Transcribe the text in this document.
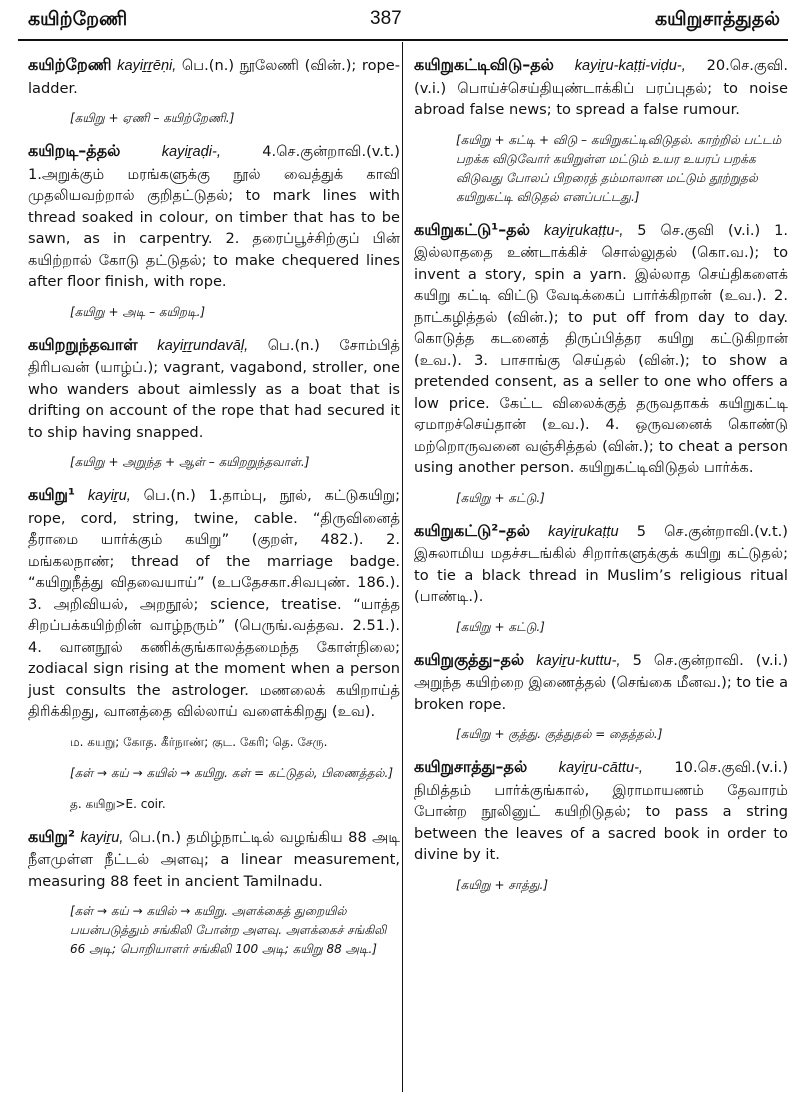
கயிற்றேணி	387	கயிறுசாத்துதல்
கயிற்றேணி kayiṟṟēṇi, பெ.(n.) நூலேணி (வின்.); rope-ladder.
[கயிறு + ஏணி – கயிற்றேணி.]
கயிறடி–த்தல்	kayiṟaḍi-,	4.செ.குன்றாவி.(v.t.) 1.அறுக்கும் மரங்களுக்கு நூல் வைத்துக் காவி முதலியவற்றால் குறிதட்டுதல்; to mark lines with thread soaked in colour, on timber that has to be sawn, as in carpentry. 2. தரைப்பூச்சிற்குப் பின் கயிற்றால் கோடு தட்டுதல்; to make chequered lines after floor finish, with rope.
[கயிறு + அடி – கயிறடி.]
கயிறறுந்தவாள் kayiṟṟundavāḷ, பெ.(n.) சோம்பித் திரிபவன் (யாழ்ப்.); vagrant, vagabond, stroller, one who wanders about aimlessly as a boat that is drifting on account of the rope that had secured it to ship having snapped.
[கயிறு + அறுந்த + ஆள் – கயிறறுந்தவாள்.]
கயிறு¹ kayiṟu, பெ.(n.) 1.தாம்பு, நூல், கட்டுகயிறு; rope, cord, string, twine, cable. “திருவினைத் தீராமை யார்க்கும் கயிறு” (குறள், 482.). 2. மங்கலநாண்; thread of the marriage badge. “கயிறுநீத்து விதவையாய்” (உபதேசகா.சிவபுண். 186.). 3. அறிவியல், அறநூல்; science, treatise. “யாத்த சிறப்பக்கயிற்றின் வாழ்நரும்” (பெருங்.வத்தவ. 2.51.). 4. வானநூல் கணிக்குங்காலத்தமைந்த கோள்நிலை; zodiacal sign rising at the moment when a person just consults the astrologer. மணலைக் கயிறாய்த் திரிக்கிறது, வானத்தை வில்லாய் வளைக்கிறது (உவ).
ம. கயறு; கோத. கீர்நாண்; குட. கேரி; தெ. சேரு.
[கள் → கய் → கயில் → கயிறு. கள் = கட்டுதல், பிணைத்தல்.]
த. கயிறு>E. coir.
கயிறு² kayiṟu, பெ.(n.) தமிழ்நாட்டில் வழங்கிய 88 அடி நீளமுள்ள நீட்டல் அளவு; a linear measurement, measuring 88 feet in ancient Tamilnadu.
[கள் → கய் → கயில் → கயிறு. அளக்கைத் துறையில் பயன்படுத்தும் சங்கிலி போன்ற அளவு. அளக்கைச் சங்கிலி 66 அடி; பொறியாளர் சங்கிலி 100 அடி; கயிறு 88 அடி.]
கயிறுகட்டிவிடு–தல் kayiṟu-kaṭṭi-viḍu-, 20.செ.குவி. (v.i.) பொய்ச்செய்தியுண்டாக்கிப் பரப்புதல்; to noise abroad false news; to spread a false rumour.
[கயிறு + கட்டி + விடு – கயிறுகட்டிவிடுதல். காற்றில் பட்டம் பறக்க விடுவோர் கயிறுள்ள மட்டும் உயர உயரப் பறக்க விடுவது போலப் பிறரைத் தம்மாலான மட்டும் தூற்றுதல் கயிறுகட்டி விடுதல் எனப்பட்டது.]
கயிறுகட்டு¹–தல் kayiṟukaṭṭu-, 5 செ.குவி (v.i.) 1. இல்லாததை உண்டாக்கிச் சொல்லுதல் (கொ.வ.); to invent a story, spin a yarn. இல்லாத செய்திகளைக் கயிறு கட்டி விட்டு வேடிக்கைப் பார்க்கிறான் (உவ.). 2. நாட்கழித்தல் (வின்.); to put off from day to day. கொடுத்த கடனைத் திருப்பித்தர கயிறு கட்டுகிறான் (உவ.). 3. பாசாங்கு செய்தல் (வின்.); to show a pretended consent, as a seller to one who offers a low price. கேட்ட விலைக்குத் தருவதாகக் கயிறுகட்டி ஏமாறச்செய்தான் (உவ.). 4. ஒருவனைக் கொண்டு மற்றொருவனை வஞ்சித்தல் (வின்.); to cheat a person using another person. கயிறுகட்டிவிடுதல் பார்க்க.
[கயிறு + கட்டு.]
கயிறுகட்டு²–தல் kayiṟukaṭṭu 5 செ.குன்றாவி.(v.t.) இசுலாமிய மதச்சடங்கில் சிறார்களுக்குக் கயிறு கட்டுதல்; to tie a black thread in Muslim’s religious ritual (பாண்டி.).
[கயிறு + கட்டு.]
கயிறுகுத்து–தல் kayiṟu-kuttu-, 5 செ.குன்றாவி. (v.i.) அறுந்த கயிற்றை இணைத்தல் (செங்கை மீனவ.); to tie a broken rope.
[கயிறு + குத்து. குத்துதல் = தைத்தல்.]
கயிறுசாத்து–தல் kayiṟu-cāttu-, 10.செ.குவி.(v.i.) நிமித்தம் பார்க்குங்கால், இராமாயணம் தேவாரம் போன்ற நூலினுட் கயிறிடுதல்; to pass a string between the leaves of a sacred book in order to divine by it.
[கயிறு + சாத்து.]
